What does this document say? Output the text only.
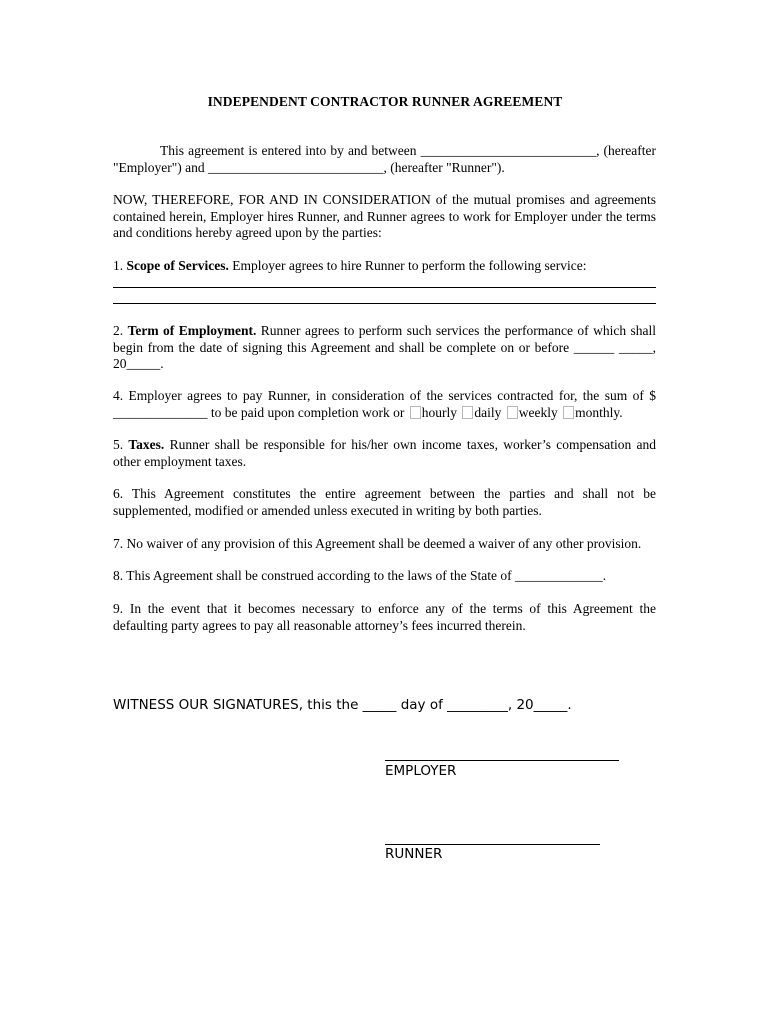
INDEPENDENT CONTRACTOR RUNNER AGREEMENT
This agreement is entered into by and between __________________________, (hereafter "Employer") and __________________________, (hereafter "Runner").
NOW, THEREFORE, FOR AND IN CONSIDERATION of the mutual promises and agreements contained herein, Employer hires Runner, and Runner agrees to work for Employer under the terms and conditions hereby agreed upon by the parties:
1. Scope of Services. Employer agrees to hire Runner to perform the following service:
2. Term of Employment. Runner agrees to perform such services the performance of which shall begin from the date of signing this Agreement and shall be complete on or before ______ _____, 20_____.
4. Employer agrees to pay Runner, in consideration of the services contracted for, the sum of $ ______________ to be paid upon completion work or hourly daily weekly monthly.
5. Taxes. Runner shall be responsible for his/her own income taxes, worker’s compensation and other employment taxes.
6. This Agreement constitutes the entire agreement between the parties and shall not be supplemented, modified or amended unless executed in writing by both parties.
7. No waiver of any provision of this Agreement shall be deemed a waiver of any other provision.
8. This Agreement shall be construed according to the laws of the State of _____________.
9. In the event that it becomes necessary to enforce any of the terms of this Agreement the defaulting party agrees to pay all reasonable attorney’s fees incurred therein.
WITNESS OUR SIGNATURES, this the _____ day of _________, 20_____.
EMPLOYER
RUNNER
